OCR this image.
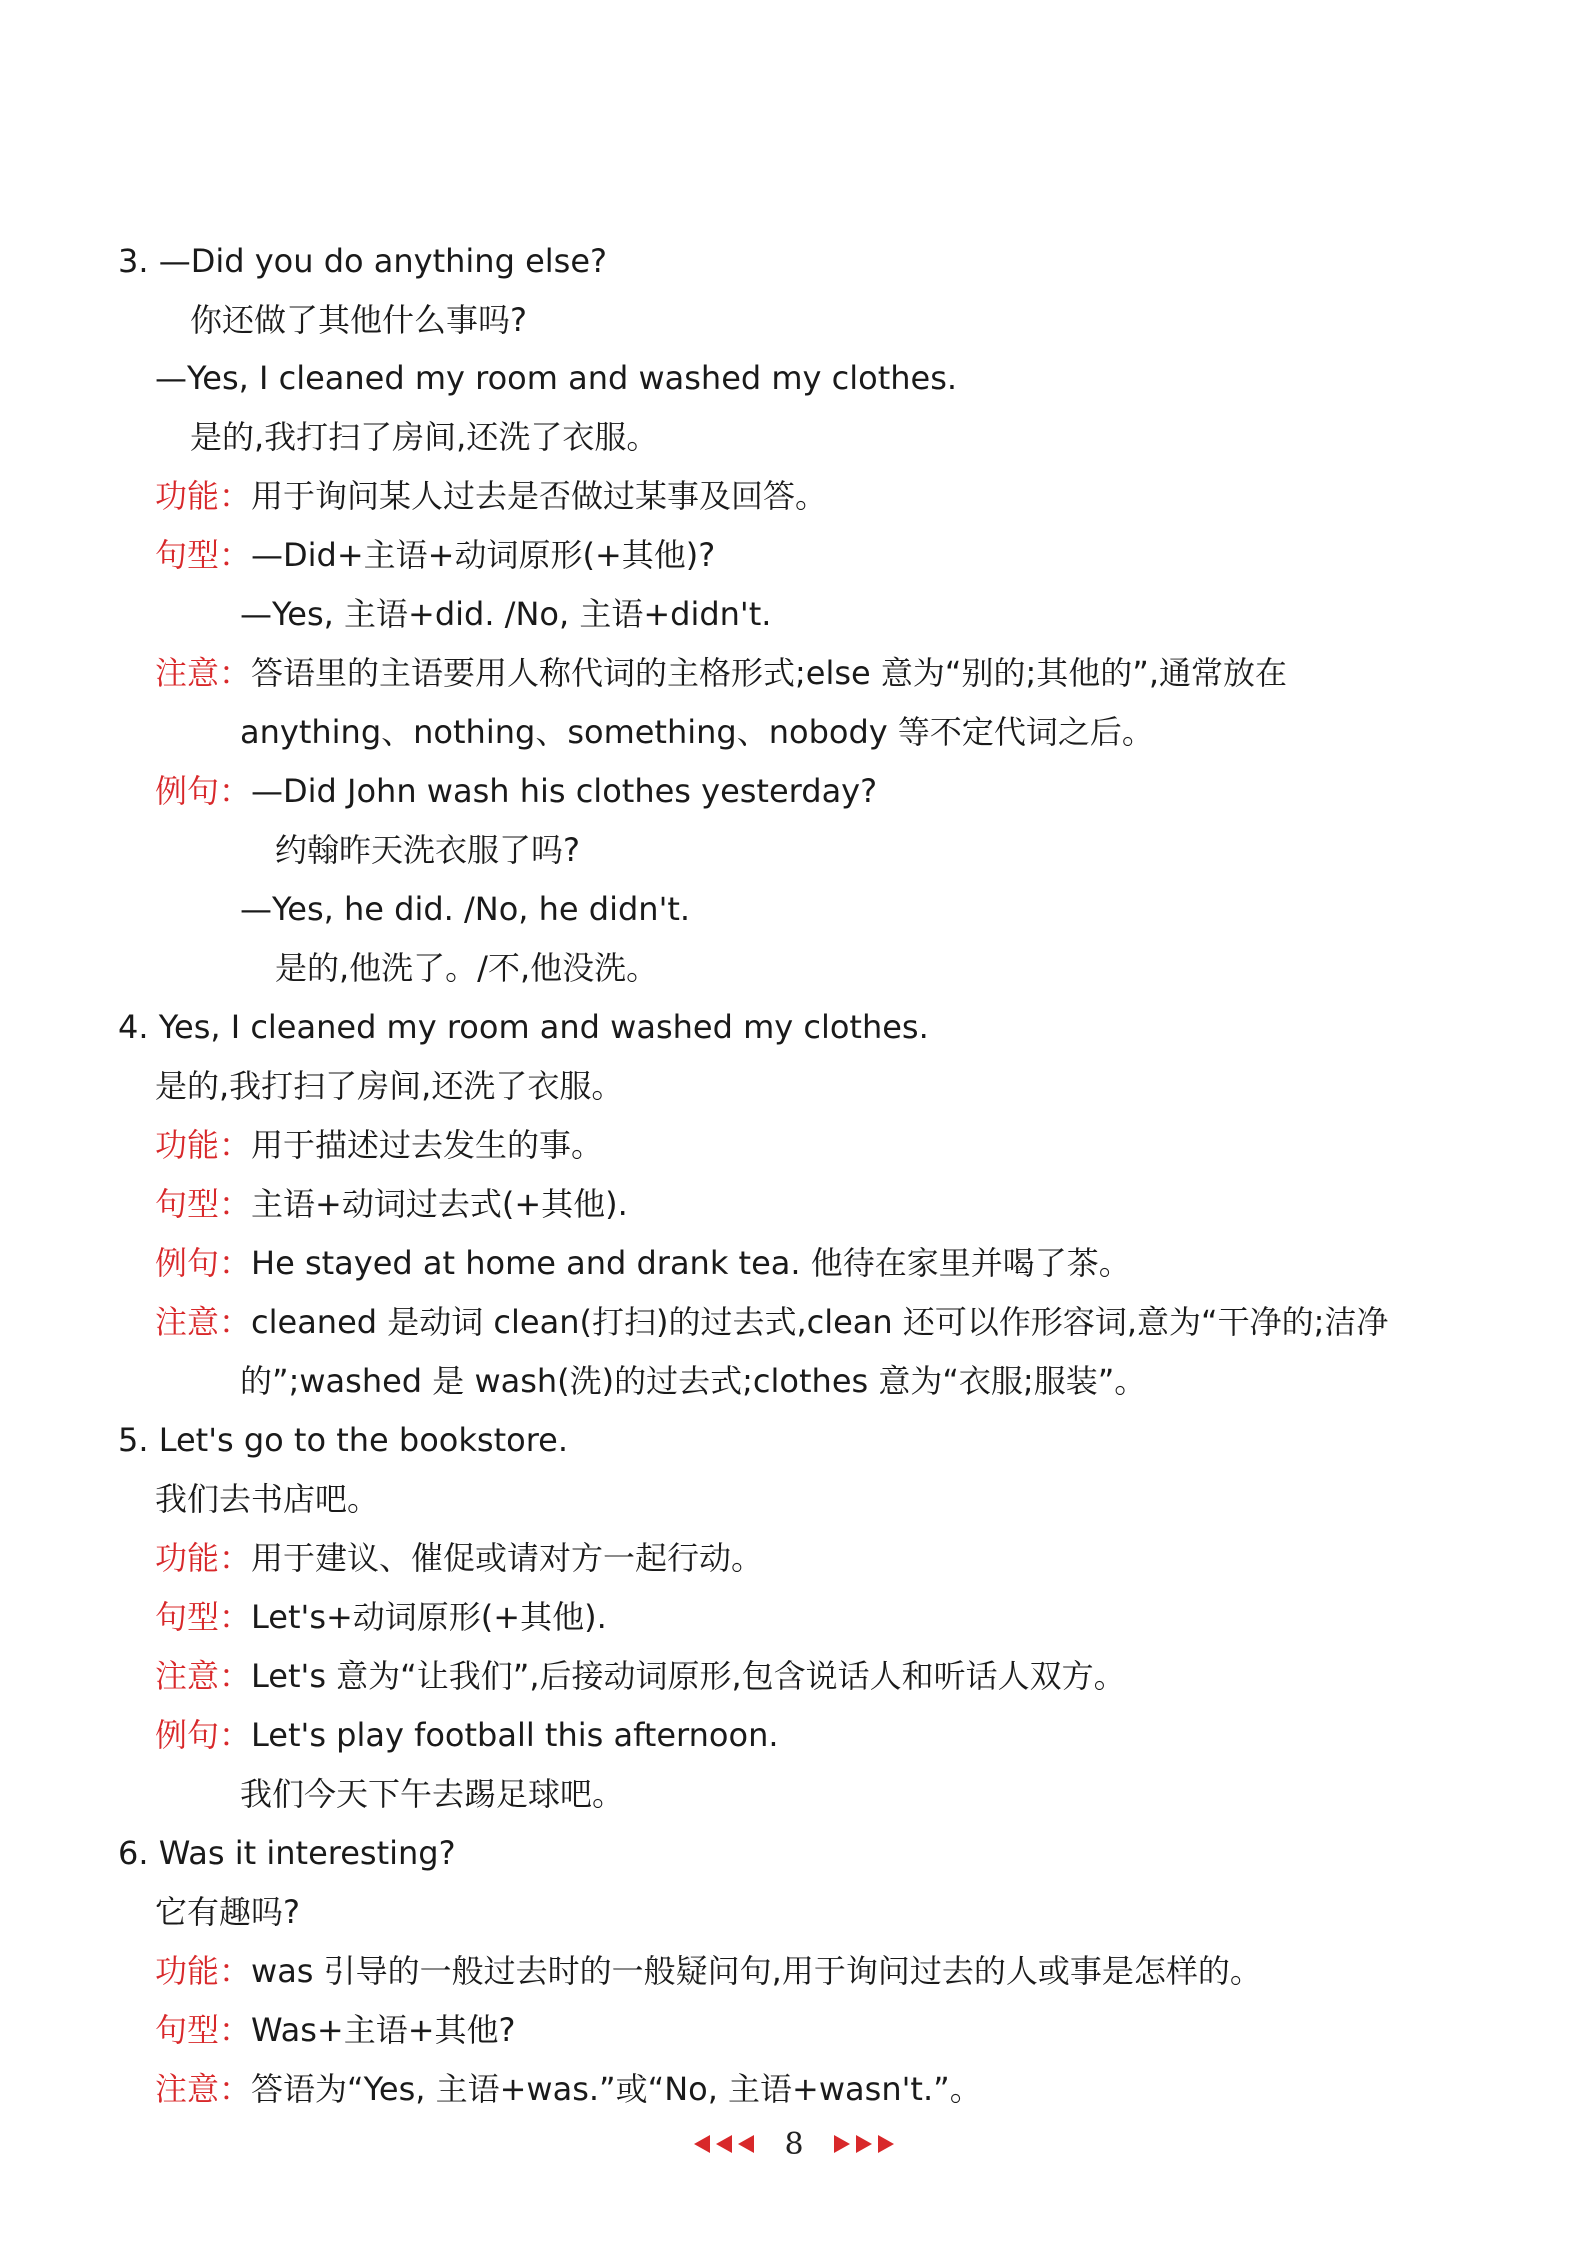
3. —Did you do anything else?
你还做了其他什么事吗?
—Yes, I cleaned my room and washed my clothes.
是的,我打扫了房间,还洗了衣服。
功能：用于询问某人过去是否做过某事及回答。
句型：—Did+主语+动词原形(+其他)?
—Yes, 主语+did. /No, 主语+didn't.
注意：答语里的主语要用人称代词的主格形式;else 意为“别的;其他的”,通常放在
anything、nothing、something、nobody 等不定代词之后。
例句：—Did John wash his clothes yesterday?
约翰昨天洗衣服了吗?
—Yes, he did. /No, he didn't.
是的,他洗了。/不,他没洗。
4. Yes, I cleaned my room and washed my clothes.
是的,我打扫了房间,还洗了衣服。
功能：用于描述过去发生的事。
句型：主语+动词过去式(+其他).
例句：He stayed at home and drank tea. 他待在家里并喝了茶。
注意：cleaned 是动词 clean(打扫)的过去式,clean 还可以作形容词,意为“干净的;洁净
的”;washed 是 wash(洗)的过去式;clothes 意为“衣服;服装”。
5. Let's go to the bookstore.
我们去书店吧。
功能：用于建议、催促或请对方一起行动。
句型：Let's+动词原形(+其他).
注意：Let's 意为“让我们”,后接动词原形,包含说话人和听话人双方。
例句：Let's play football this afternoon.
我们今天下午去踢足球吧。
6. Was it interesting?
它有趣吗?
功能：was 引导的一般过去时的一般疑问句,用于询问过去的人或事是怎样的。
句型：Was+主语+其他?
注意：答语为“Yes, 主语+was.”或“No, 主语+wasn't.”。
8
